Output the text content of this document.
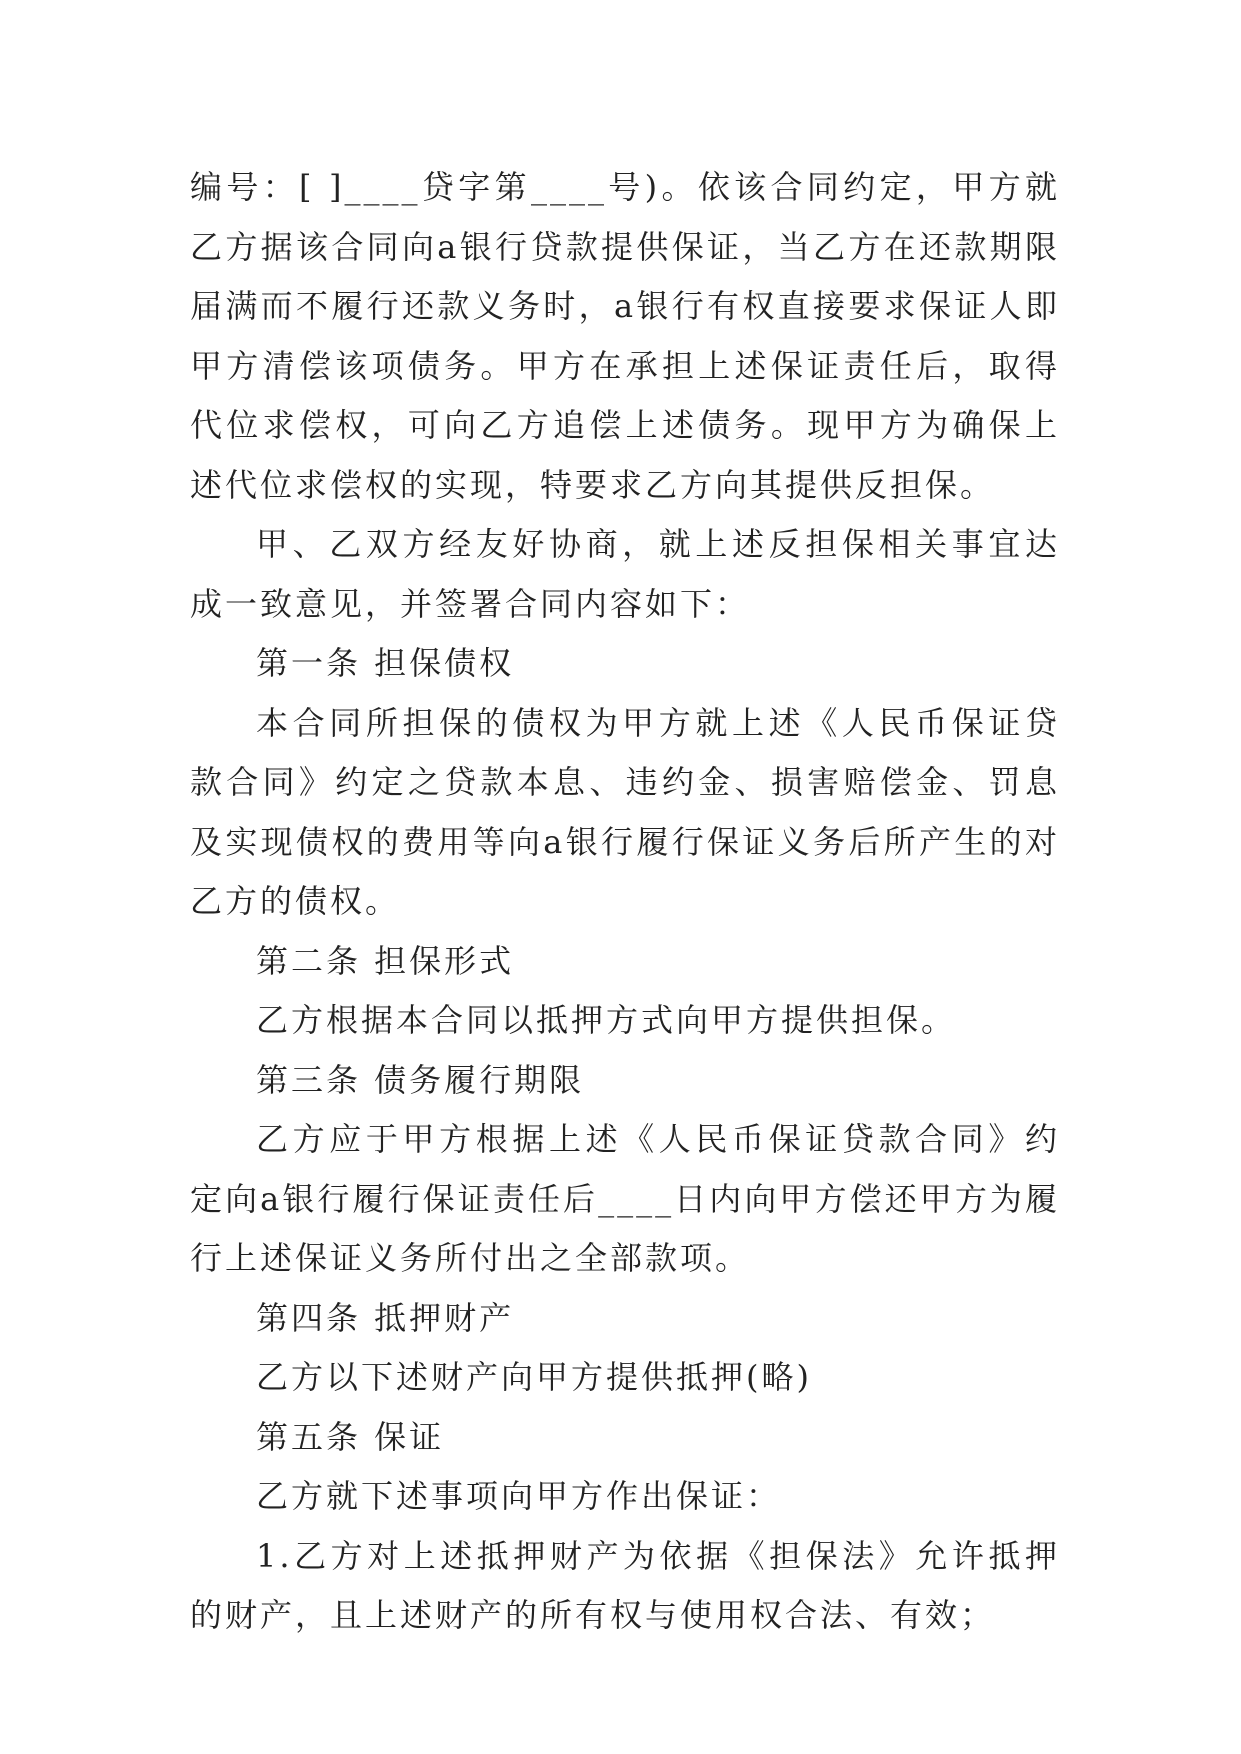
编号：[ ]____贷字第____号)。依该合同约定，甲方就乙方据该合同向a银行贷款提供保证，当乙方在还款期限届满而不履行还款义务时，a银行有权直接要求保证人即甲方清偿该项债务。甲方在承担上述保证责任后，取得代位求偿权，可向乙方追偿上述债务。现甲方为确保上述代位求偿权的实现，特要求乙方向其提供反担保。

甲、乙双方经友好协商，就上述反担保相关事宜达成一致意见，并签署合同内容如下：

第一条 担保债权

本合同所担保的债权为甲方就上述《人民币保证贷款合同》约定之贷款本息、违约金、损害赔偿金、罚息及实现债权的费用等向a银行履行保证义务后所产生的对乙方的债权。

第二条 担保形式

乙方根据本合同以抵押方式向甲方提供担保。

第三条 债务履行期限

乙方应于甲方根据上述《人民币保证贷款合同》约定向a银行履行保证责任后____日内向甲方偿还甲方为履行上述保证义务所付出之全部款项。

第四条 抵押财产

乙方以下述财产向甲方提供抵押(略)

第五条 保证

乙方就下述事项向甲方作出保证：

1.乙方对上述抵押财产为依据《担保法》允许抵押的财产，且上述财产的所有权与使用权合法、有效；
